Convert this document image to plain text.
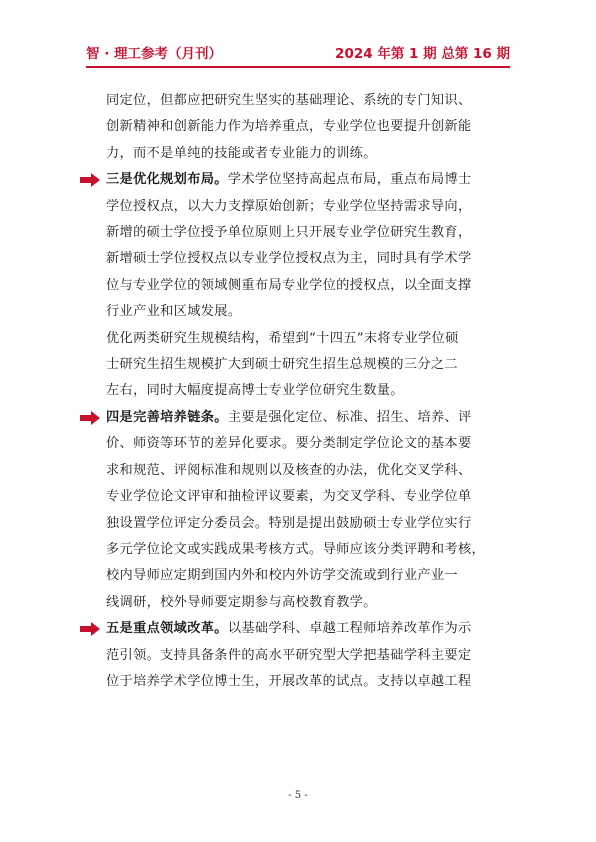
智 · 理工参考（月刊）	2024 年第 1 期 总第 16 期

同定位，但都应把研究生坚实的基础理论、系统的专门知识、
创新精神和创新能力作为培养重点，专业学位也要提升创新能
力，而不是单纯的技能或者专业能力的训练。

三是优化规划布局。学术学位坚持高起点布局，重点布局博士
学位授权点，以大力支撑原始创新；专业学位坚持需求导向，
新增的硕士学位授予单位原则上只开展专业学位研究生教育，
新增硕士学位授权点以专业学位授权点为主，同时具有学术学
位与专业学位的领域侧重布局专业学位的授权点，以全面支撑
行业产业和区域发展。

优化两类研究生规模结构，希望到“十四五”末将专业学位硕
士研究生招生规模扩大到硕士研究生招生总规模的三分之二
左右，同时大幅度提高博士专业学位研究生数量。

四是完善培养链条。主要是强化定位、标准、招生、培养、评
价、师资等环节的差异化要求。要分类制定学位论文的基本要
求和规范、评阅标准和规则以及核查的办法，优化交叉学科、
专业学位论文评审和抽检评议要素，为交叉学科、专业学位单
独设置学位评定分委员会。特别是提出鼓励硕士专业学位实行
多元学位论文或实践成果考核方式。导师应该分类评聘和考核，
校内导师应定期到国内外和校内外访学交流或到行业产业一
线调研，校外导师要定期参与高校教育教学。

五是重点领域改革。以基础学科、卓越工程师培养改革作为示
范引领。支持具备条件的高水平研究型大学把基础学科主要定
位于培养学术学位博士生，开展改革的试点。支持以卓越工程

- 5 -
